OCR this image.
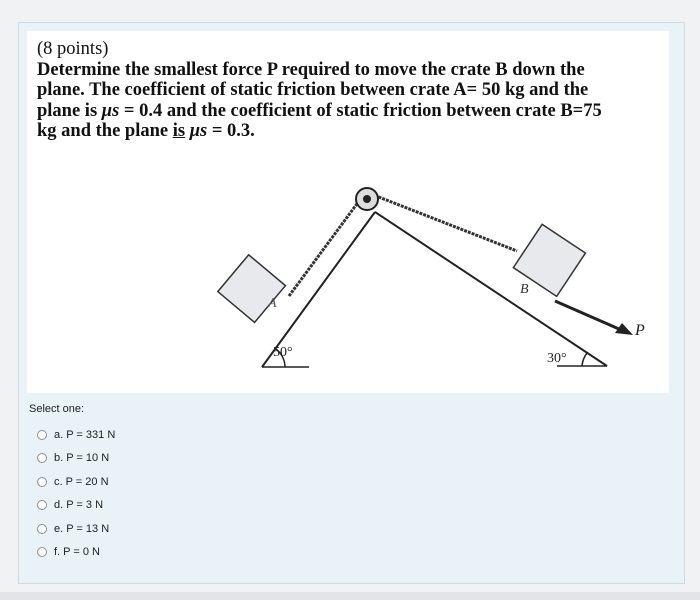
(8 points)
Determine the smallest force P required to move the crate B down the
plane. The coefficient of static friction between crate A= 50 kg and the
plane is μs = 0.4 and the coefficient of static friction between crate B=75
kg and the plane is μs = 0.3.
A
B
P
50°	30°
Select one:
a. P = 331 N
b. P = 10 N
c. P = 20 N
d. P = 3 N
e. P = 13 N
f. P = 0 N
